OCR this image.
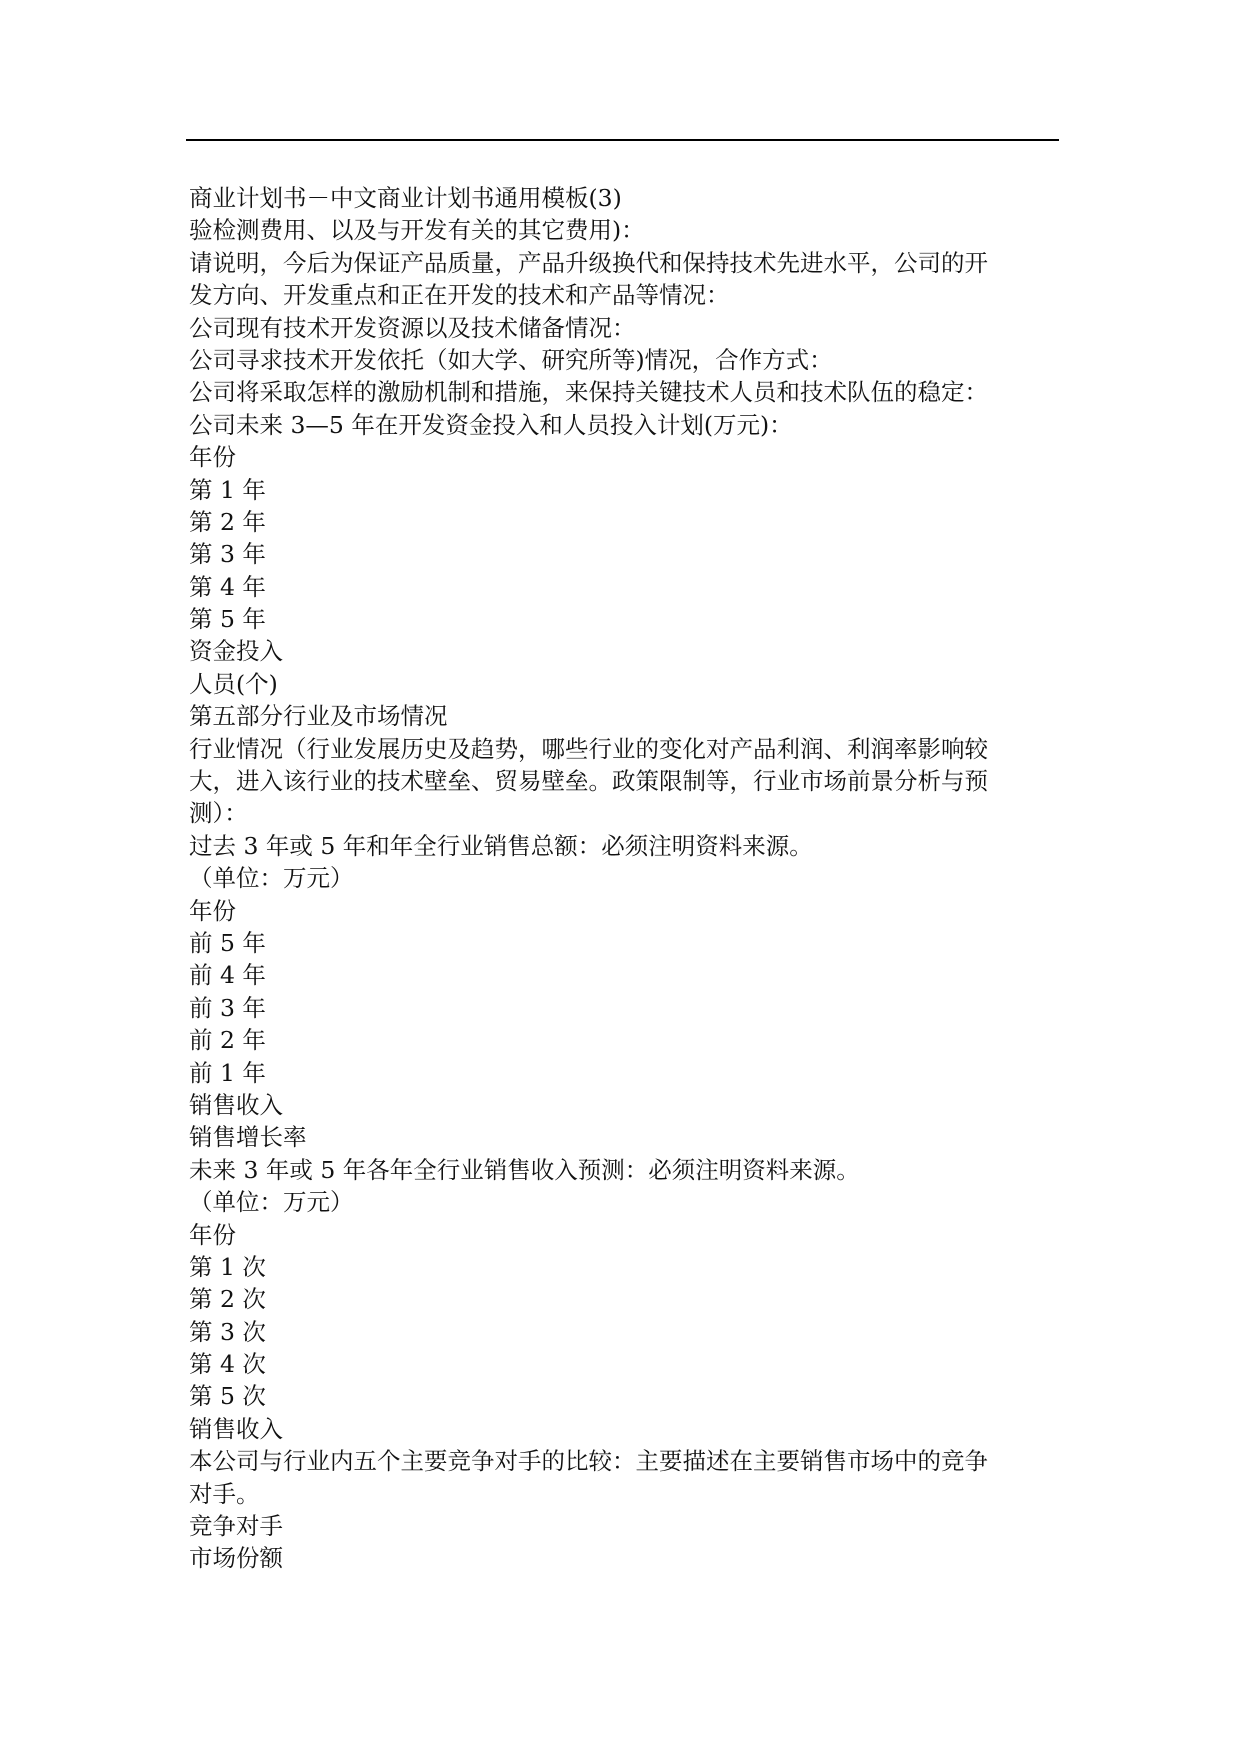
商业计划书－中文商业计划书通用模板(3)
验检测费用、以及与开发有关的其它费用)：
请说明，今后为保证产品质量，产品升级换代和保持技术先进水平，公司的开
发方向、开发重点和正在开发的技术和产品等情况：
公司现有技术开发资源以及技术储备情况：
公司寻求技术开发依托（如大学、研究所等)情况，合作方式：
公司将采取怎样的激励机制和措施，来保持关键技术人员和技术队伍的稳定：
公司未来 3—5 年在开发资金投入和人员投入计划(万元)：
年份
第 1 年
第 2 年
第 3 年
第 4 年
第 5 年
资金投入
人员(个)
第五部分行业及市场情况
行业情况（行业发展历史及趋势，哪些行业的变化对产品利润、利润率影响较
大，进入该行业的技术壁垒、贸易壁垒。政策限制等，行业市场前景分析与预
测）：
过去 3 年或 5 年和年全行业销售总额：必须注明资料来源。
（单位：万元）
年份
前 5 年
前 4 年
前 3 年
前 2 年
前 1 年
销售收入
销售增长率
未来 3 年或 5 年各年全行业销售收入预测：必须注明资料来源。
（单位：万元）
年份
第 1 次
第 2 次
第 3 次
第 4 次
第 5 次
销售收入
本公司与行业内五个主要竞争对手的比较：主要描述在主要销售市场中的竞争
对手。
竞争对手
市场份额
